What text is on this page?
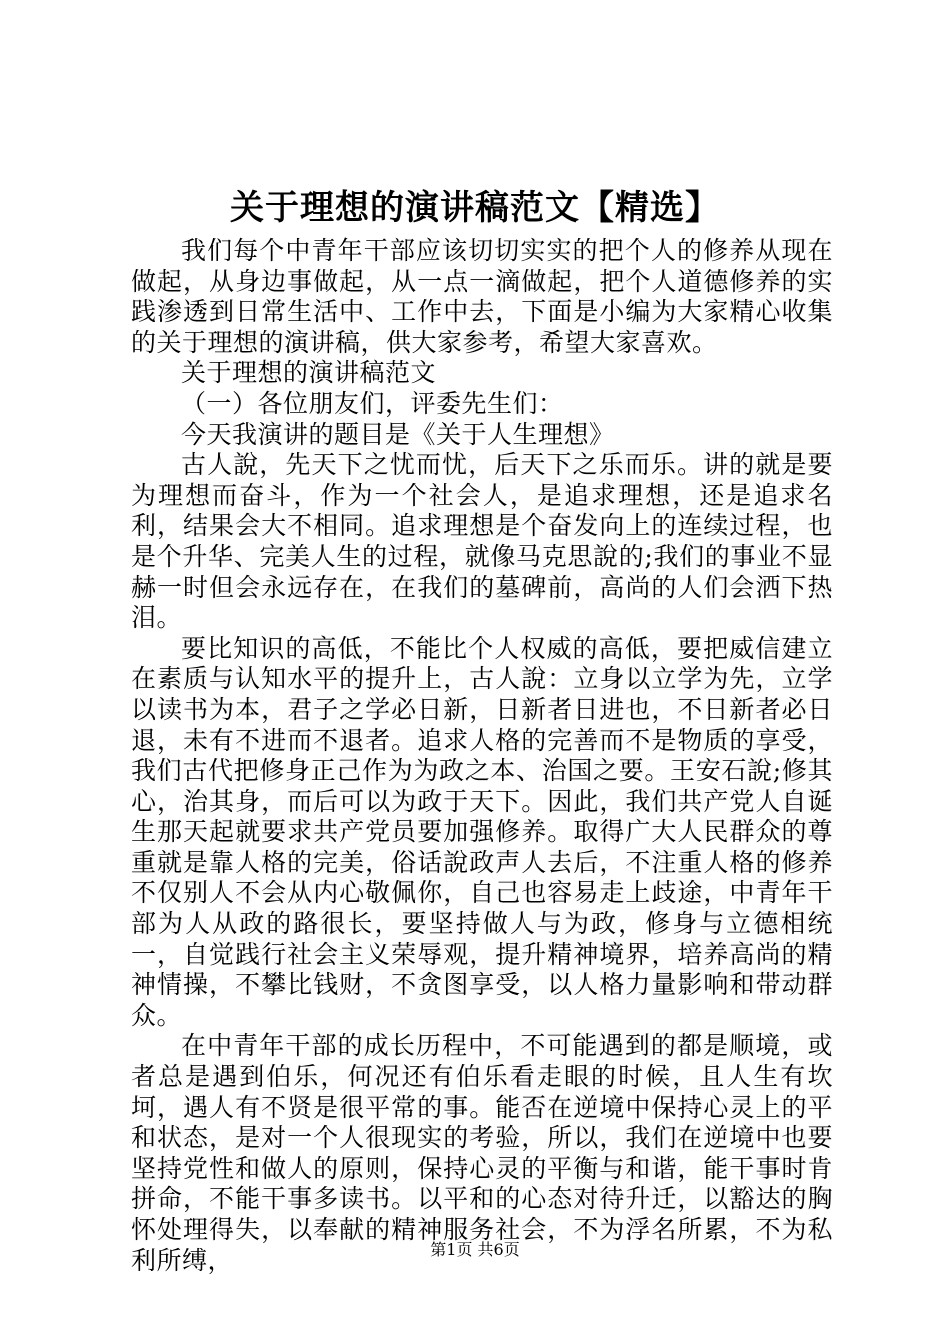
关于理想的演讲稿范文【精选】

我们每个中青年干部应该切切实实的把个人的修养从现在做起，从身边事做起，从一点一滴做起，把个人道德修养的实践渗透到日常生活中、工作中去，下面是小编为大家精心收集的关于理想的演讲稿，供大家参考，希望大家喜欢。

关于理想的演讲稿范文

（一）各位朋友们，评委先生们：

今天我演讲的题目是《关于人生理想》

古人說，先天下之忧而忧，后天下之乐而乐。讲的就是要为理想而奋斗，作为一个社会人，是追求理想，还是追求名利，结果会大不相同。追求理想是个奋发向上的连续过程，也是个升华、完美人生的过程，就像马克思說的;我们的事业不显赫一时但会永远存在，在我们的墓碑前，高尚的人们会洒下热泪。

要比知识的高低，不能比个人权威的高低，要把威信建立在素质与认知水平的提升上，古人說：立身以立学为先，立学以读书为本，君子之学必日新，日新者日进也，不日新者必日退，未有不进而不退者。追求人格的完善而不是物质的享受，我们古代把修身正己作为为政之本、治国之要。王安石說;修其心，治其身，而后可以为政于天下。因此，我们共产党人自诞生那天起就要求共产党员要加强修养。取得广大人民群众的尊重就是靠人格的完美，俗话說政声人去后，不注重人格的修养不仅别人不会从内心敬佩你，自己也容易走上歧途，中青年干部为人从政的路很长，要坚持做人与为政，修身与立德相统一，自觉践行社会主义荣辱观，提升精神境界，培养高尚的精神情操，不攀比钱财，不贪图享受，以人格力量影响和带动群众。

在中青年干部的成长历程中，不可能遇到的都是顺境，或者总是遇到伯乐，何况还有伯乐看走眼的时候，且人生有坎坷，遇人有不贤是很平常的事。能否在逆境中保持心灵上的平和状态，是对一个人很现实的考验，所以，我们在逆境中也要坚持党性和做人的原则，保持心灵的平衡与和谐，能干事时肯拼命，不能干事多读书。以平和的心态对待升迁，以豁达的胸怀处理得失，以奉献的精神服务社会，不为浮名所累，不为私利所缚，	第1页 共6页
